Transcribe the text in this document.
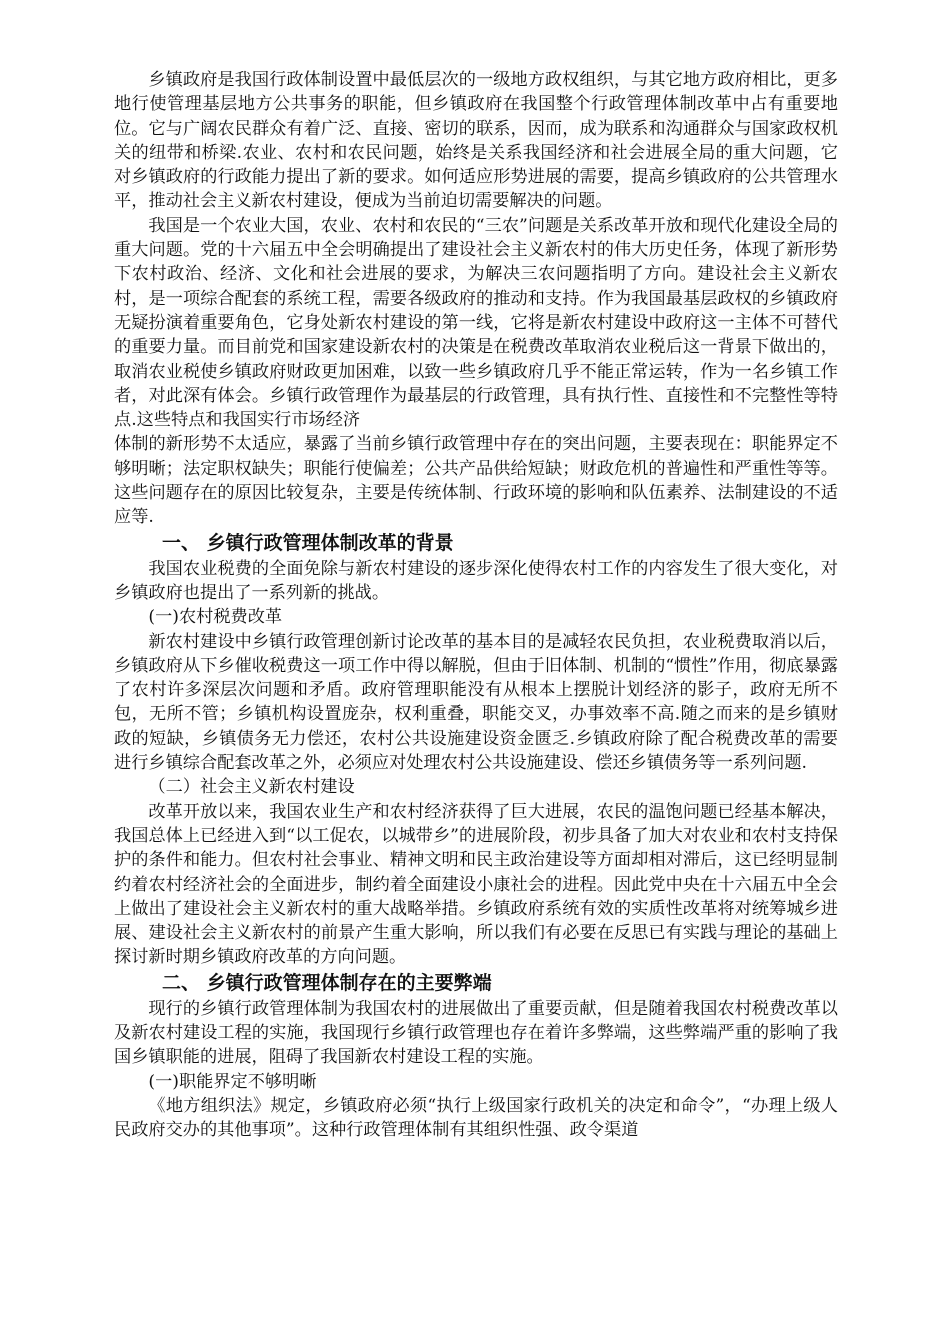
乡镇政府是我国行政体制设置中最低层次的一级地方政权组织，与其它地方政府相比，更多地行使管理基层地方公共事务的职能，但乡镇政府在我国整个行政管理体制改革中占有重要地位。它与广阔农民群众有着广泛、直接、密切的联系，因而，成为联系和沟通群众与国家政权机关的纽带和桥梁.农业、农村和农民问题，始终是关系我国经济和社会进展全局的重大问题，它对乡镇政府的行政能力提出了新的要求。如何适应形势进展的需要，提高乡镇政府的公共管理水平，推动社会主义新农村建设，便成为当前迫切需要解决的问题。

我国是一个农业大国，农业、农村和农民的“三农”问题是关系改革开放和现代化建设全局的重大问题。党的十六届五中全会明确提出了建设社会主义新农村的伟大历史任务，体现了新形势下农村政治、经济、文化和社会进展的要求，为解决三农问题指明了方向。建设社会主义新农村，是一项综合配套的系统工程，需要各级政府的推动和支持。作为我国最基层政权的乡镇政府无疑扮演着重要角色，它身处新农村建设的第一线，它将是新农村建设中政府这一主体不可替代的重要力量。而目前党和国家建设新农村的决策是在税费改革取消农业税后这一背景下做出的，取消农业税使乡镇政府财政更加困难，以致一些乡镇政府几乎不能正常运转，作为一名乡镇工作者，对此深有体会。乡镇行政管理作为最基层的行政管理，具有执行性、直接性和不完整性等特点.这些特点和我国实行市场经济

体制的新形势不太适应，暴露了当前乡镇行政管理中存在的突出问题，主要表现在：职能界定不够明晰；法定职权缺失；职能行使偏差；公共产品供给短缺；财政危机的普遍性和严重性等等。这些问题存在的原因比较复杂，主要是传统体制、行政环境的影响和队伍素养、法制建设的不适应等.

一、 乡镇行政管理体制改革的背景

我国农业税费的全面免除与新农村建设的逐步深化使得农村工作的内容发生了很大变化，对乡镇政府也提出了一系列新的挑战。

(一)农村税费改革

新农村建设中乡镇行政管理创新讨论改革的基本目的是减轻农民负担，农业税费取消以后，乡镇政府从下乡催收税费这一项工作中得以解脱，但由于旧体制、机制的“惯性”作用，彻底暴露了农村许多深层次问题和矛盾。政府管理职能没有从根本上摆脱计划经济的影子，政府无所不包，无所不管；乡镇机构设置庞杂，权利重叠，职能交叉，办事效率不高.随之而来的是乡镇财政的短缺，乡镇债务无力偿还，农村公共设施建设资金匮乏.乡镇政府除了配合税费改革的需要进行乡镇综合配套改革之外，必须应对处理农村公共设施建设、偿还乡镇债务等一系列问题.

（二）社会主义新农村建设

改革开放以来，我国农业生产和农村经济获得了巨大进展，农民的温饱问题已经基本解决，我国总体上已经进入到“以工促农，以城带乡”的进展阶段，初步具备了加大对农业和农村支持保护的条件和能力。但农村社会事业、精神文明和民主政治建设等方面却相对滞后，这已经明显制约着农村经济社会的全面进步，制约着全面建设小康社会的进程。因此党中央在十六届五中全会上做出了建设社会主义新农村的重大战略举措。乡镇政府系统有效的实质性改革将对统筹城乡进展、建设社会主义新农村的前景产生重大影响，所以我们有必要在反思已有实践与理论的基础上探讨新时期乡镇政府改革的方向问题。

二、 乡镇行政管理体制存在的主要弊端

现行的乡镇行政管理体制为我国农村的进展做出了重要贡献，但是随着我国农村税费改革以及新农村建设工程的实施，我国现行乡镇行政管理也存在着许多弊端，这些弊端严重的影响了我国乡镇职能的进展，阻碍了我国新农村建设工程的实施。

(一)职能界定不够明晰

《地方组织法》规定，乡镇政府必须“执行上级国家行政机关的决定和命令”，“办理上级人民政府交办的其他事项”。这种行政管理体制有其组织性强、政令渠道
